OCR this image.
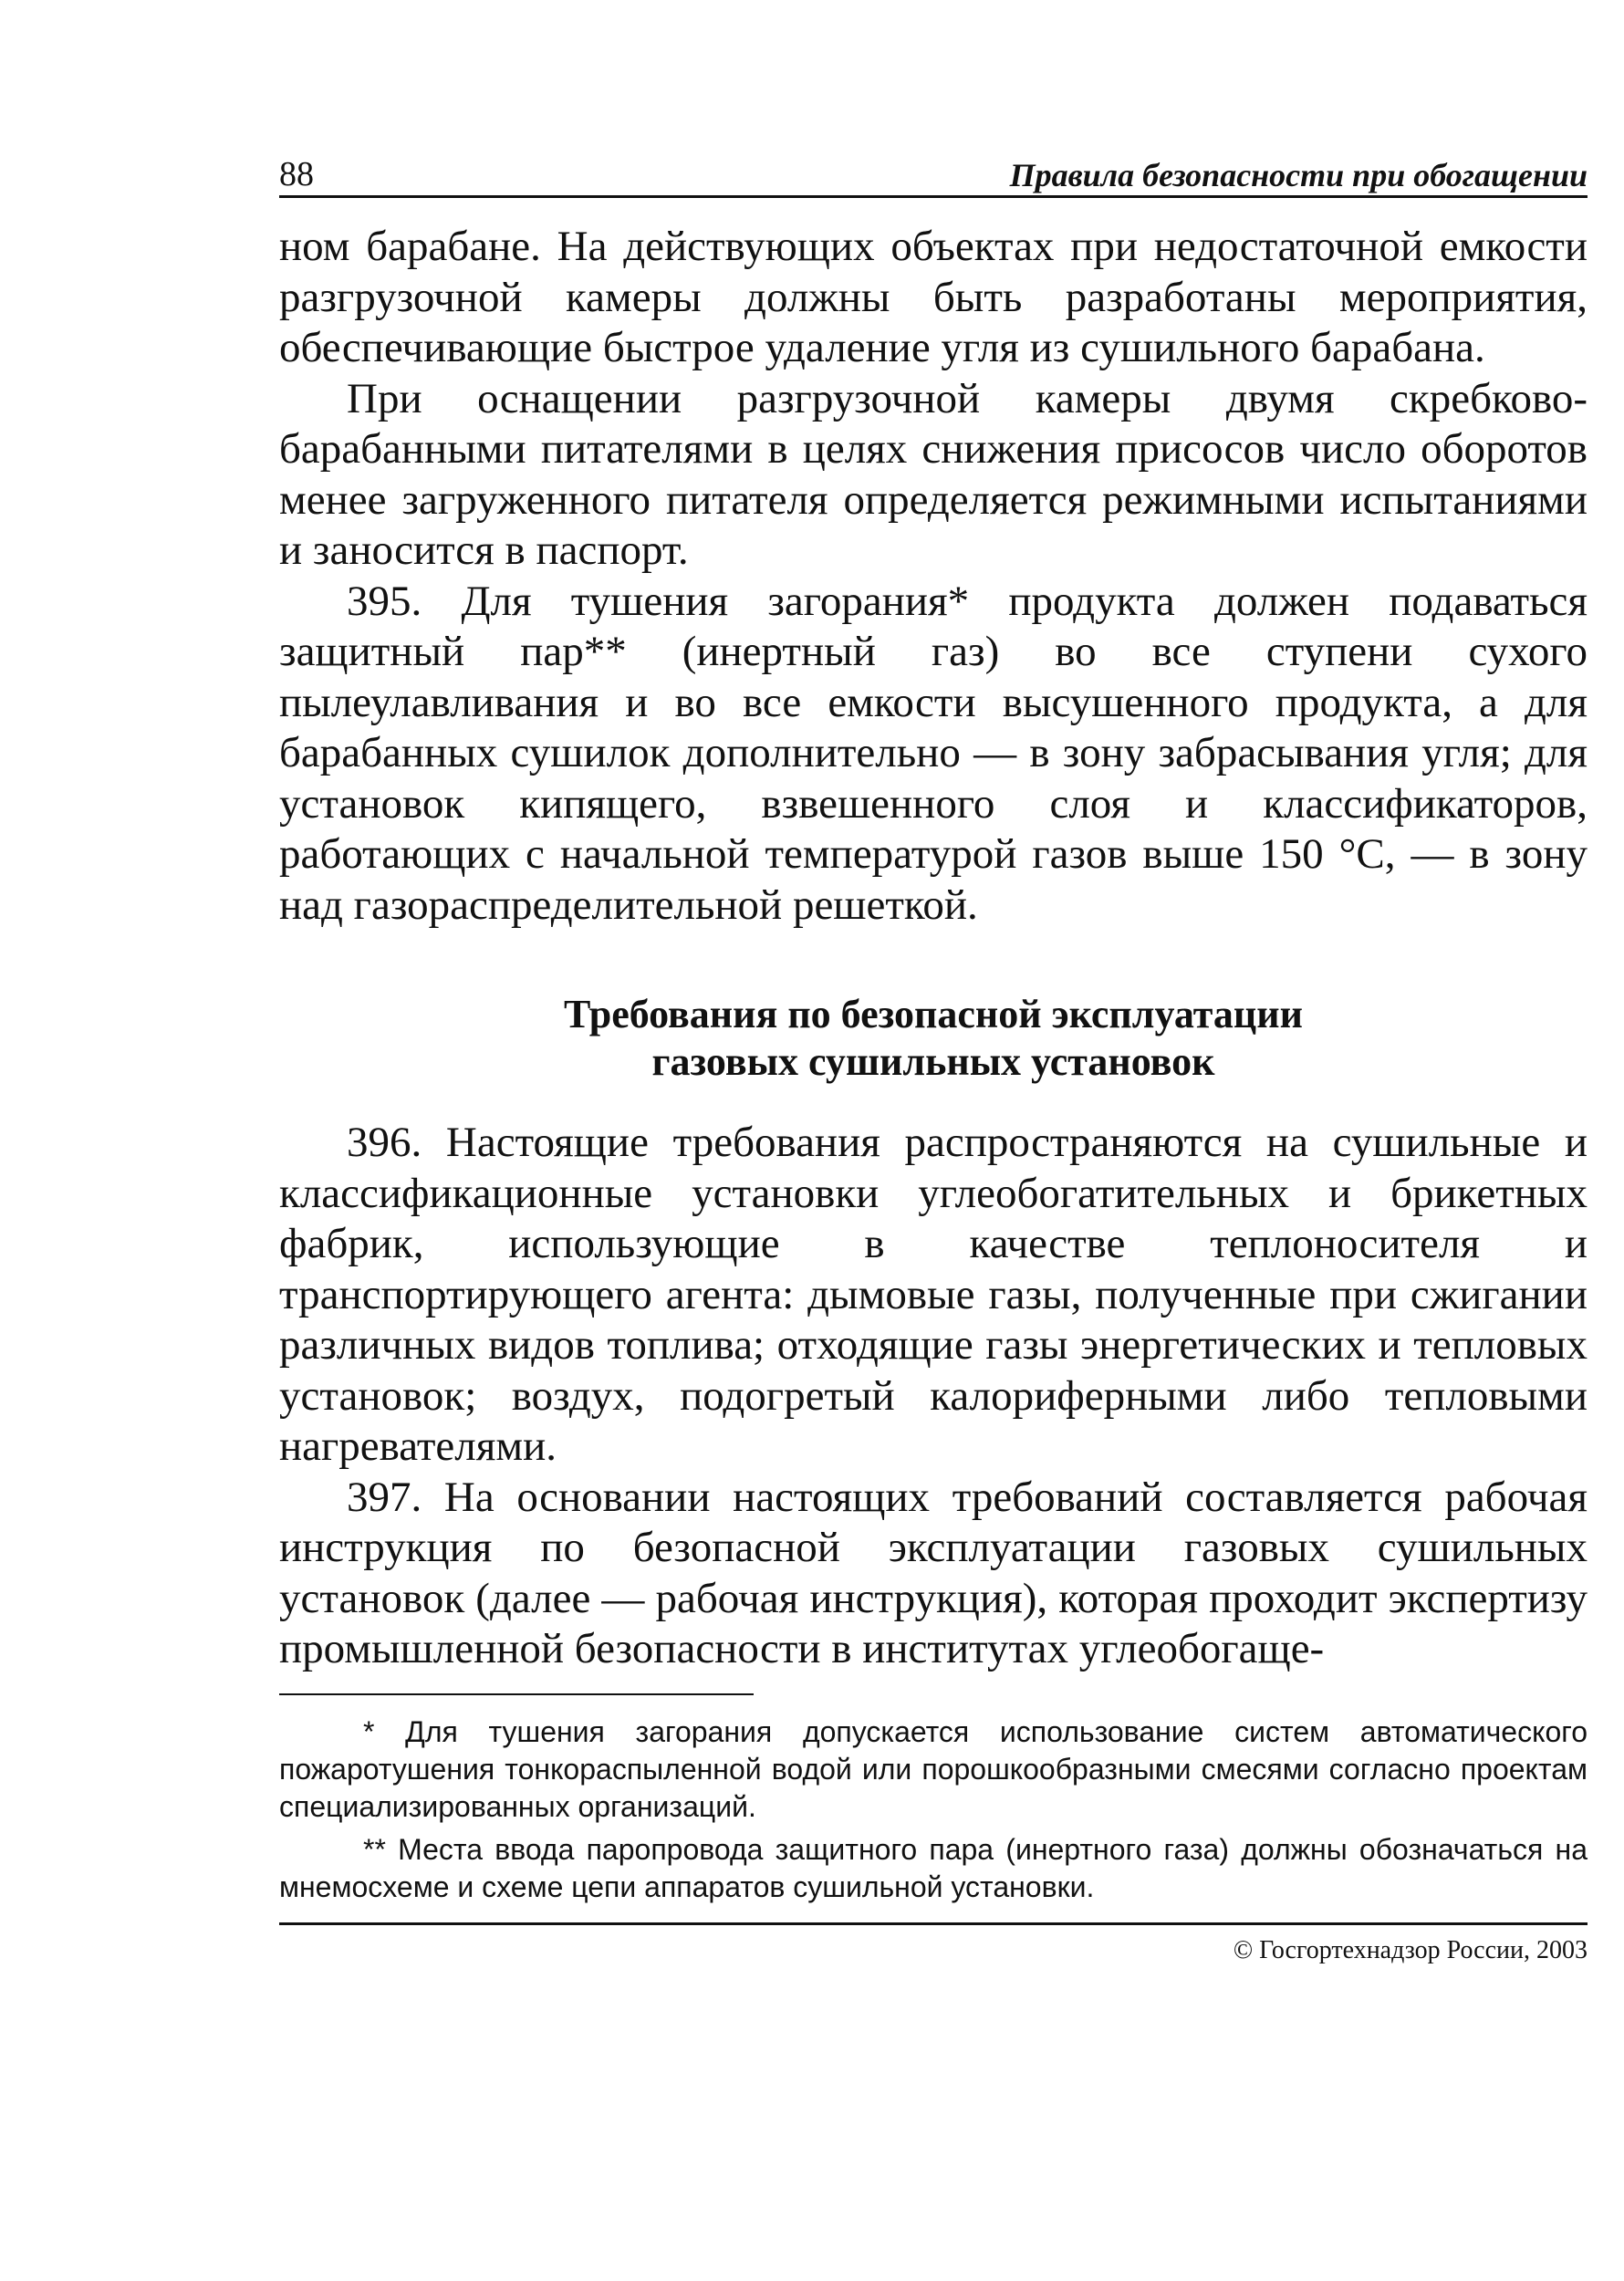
88	Правила безопасности при обогащении

ном барабане. На действующих объектах при недостаточной емкости разгрузочной камеры должны быть разработаны мероприятия, обеспечивающие быстрое удаление угля из сушильного барабана.

При оснащении разгрузочной камеры двумя скребково-барабанными питателями в целях снижения присосов число оборотов менее загруженного питателя определяется режимными испытаниями и заносится в паспорт.

395. Для тушения загорания* продукта должен подаваться защитный пар** (инертный газ) во все ступени сухого пылеулавливания и во все емкости высушенного продукта, а для барабанных сушилок дополнительно — в зону забрасывания угля; для установок кипящего, взвешенного слоя и классификаторов, работающих с начальной температурой газов выше 150 °С, — в зону над газораспределительной решеткой.

Требования по безопасной эксплуатации
газовых сушильных установок

396. Настоящие требования распространяются на сушильные и классификационные установки углеобогатительных и брикетных фабрик, использующие в качестве теплоносителя и транспортирующего агента: дымовые газы, полученные при сжигании различных видов топлива; отходящие газы энергетических и тепловых установок; воздух, подогретый калориферными либо тепловыми нагревателями.

397. На основании настоящих требований составляется рабочая инструкция по безопасной эксплуатации газовых сушильных установок (далее — рабочая инструкция), которая проходит экспертизу промышленной безопасности в институтах углеобогаще-

* Для тушения загорания допускается использование систем автоматического пожаротушения тонкораспыленной водой или порошкообразными смесями согласно проектам специализированных организаций.

** Места ввода паропровода защитного пара (инертного газа) должны обозначаться на мнемосхеме и схеме цепи аппаратов сушильной установки.

© Госгортехнадзор России, 2003
